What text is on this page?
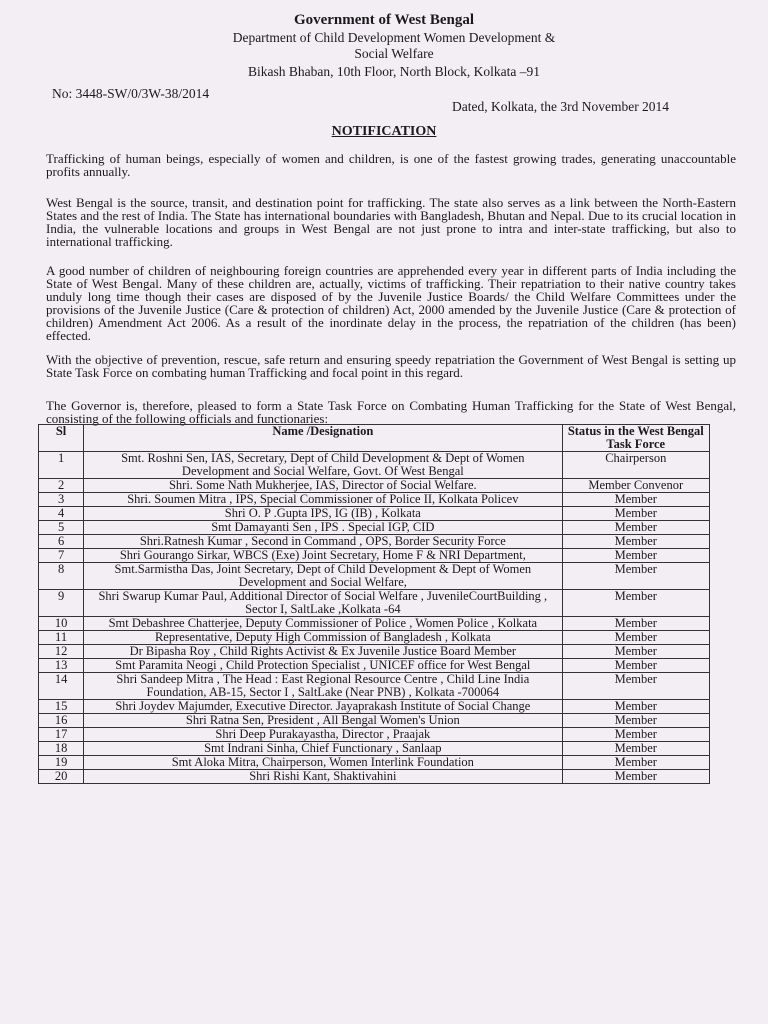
Government of West Bengal
Department of Child Development Women Development &
Social Welfare
Bikash Bhaban, 10th Floor, North Block, Kolkata –91
No: 3448-SW/0/3W-38/2014
Dated, Kolkata, the 3rd November 2014
NOTIFICATION
Trafficking of human beings, especially of women and children, is one of the fastest growing trades, generating unaccountable profits annually.
West Bengal is the source, transit, and destination point for trafficking. The state also serves as a link between the North-Eastern States and the rest of India. The State has international boundaries with Bangladesh, Bhutan and Nepal. Due to its crucial location in India, the vulnerable locations and groups in West Bengal are not just prone to intra and inter-state trafficking, but also to international trafficking.
A good number of children of neighbouring foreign countries are apprehended every year in different parts of India including the State of West Bengal. Many of these children are, actually, victims of trafficking. Their repatriation to their native country takes unduly long time though their cases are disposed of by the Juvenile Justice Boards/ the Child Welfare Committees under the provisions of the Juvenile Justice (Care & protection of children) Act, 2000 amended by the Juvenile Justice (Care & protection of children) Amendment Act 2006. As a result of the inordinate delay in the process, the repatriation of the children (has been) effected.
With the objective of prevention, rescue, safe return and ensuring speedy repatriation the Government of West Bengal is setting up State Task Force on combating human Trafficking and focal point in this regard.
The Governor is, therefore, pleased to form a State Task Force on Combating Human Trafficking for the State of West Bengal, consisting of the following officials and functionaries:
Sl	Name /Designation	Status in the West Bengal Task Force
1	Smt. Roshni Sen, IAS, Secretary, Dept of Child Development & Dept of Women Development and Social Welfare, Govt. Of West Bengal	Chairperson
2	Shri. Some Nath Mukherjee, IAS, Director of Social Welfare.	Member Convenor
3	Shri. Soumen Mitra , IPS, Special Commissioner of Police II, Kolkata Policev	Member
4	Shri O. P .Gupta IPS, IG (IB) , Kolkata	Member
5	Smt Damayanti Sen , IPS . Special IGP, CID	Member
6	Shri.Ratnesh Kumar , Second in Command , OPS, Border Security Force	Member
7	Shri Gourango Sirkar, WBCS (Exe) Joint Secretary, Home F & NRI Department,	Member
8	Smt.Sarmistha Das, Joint Secretary, Dept of Child Development & Dept of Women Development and Social Welfare,	Member
9	Shri Swarup Kumar Paul, Additional Director of Social Welfare , JuvenileCourtBuilding , Sector I, SaltLake ,Kolkata -64	Member
10	Smt Debashree Chatterjee, Deputy Commissioner of Police , Women Police , Kolkata	Member
11	Representative, Deputy High Commission of Bangladesh , Kolkata	Member
12	Dr Bipasha Roy , Child Rights Activist & Ex Juvenile Justice Board Member	Member
13	Smt Paramita Neogi , Child Protection Specialist , UNICEF office for West Bengal	Member
14	Shri Sandeep Mitra , The Head : East Regional Resource Centre , Child Line India Foundation, AB-15, Sector I , SaltLake (Near PNB) , Kolkata -700064	Member
15	Shri Joydev Majumder, Executive Director. Jayaprakash Institute of Social Change	Member
16	Shri Ratna Sen, President , All Bengal Women's Union	Member
17	Shri Deep Purakayastha, Director , Praajak	Member
18	Smt Indrani Sinha, Chief Functionary , Sanlaap	Member
19	Smt Aloka Mitra, Chairperson, Women Interlink Foundation	Member
20	Shri Rishi Kant, Shaktivahini	Member
